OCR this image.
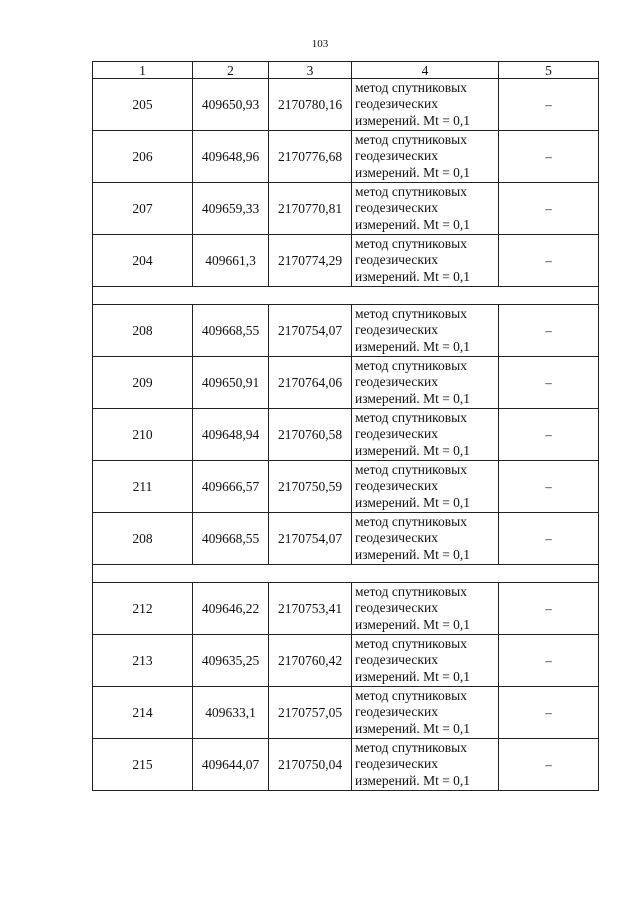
103
1	2	3	4	5
205	409650,93	2170780,16	метод спутниковых
геодезических
измерений. Mt = 0,1	–
206	409648,96	2170776,68	метод спутниковых
геодезических
измерений. Mt = 0,1	–
207	409659,33	2170770,81	метод спутниковых
геодезических
измерений. Mt = 0,1	–
204	409661,3	2170774,29	метод спутниковых
геодезических
измерений. Mt = 0,1	–

208	409668,55	2170754,07	метод спутниковых
геодезических
измерений. Mt = 0,1	–
209	409650,91	2170764,06	метод спутниковых
геодезических
измерений. Mt = 0,1	–
210	409648,94	2170760,58	метод спутниковых
геодезических
измерений. Mt = 0,1	–
211	409666,57	2170750,59	метод спутниковых
геодезических
измерений. Mt = 0,1	–
208	409668,55	2170754,07	метод спутниковых
геодезических
измерений. Mt = 0,1	–

212	409646,22	2170753,41	метод спутниковых
геодезических
измерений. Mt = 0,1	–
213	409635,25	2170760,42	метод спутниковых
геодезических
измерений. Mt = 0,1	–
214	409633,1	2170757,05	метод спутниковых
геодезических
измерений. Mt = 0,1	–
215	409644,07	2170750,04	метод спутниковых
геодезических
измерений. Mt = 0,1	–
